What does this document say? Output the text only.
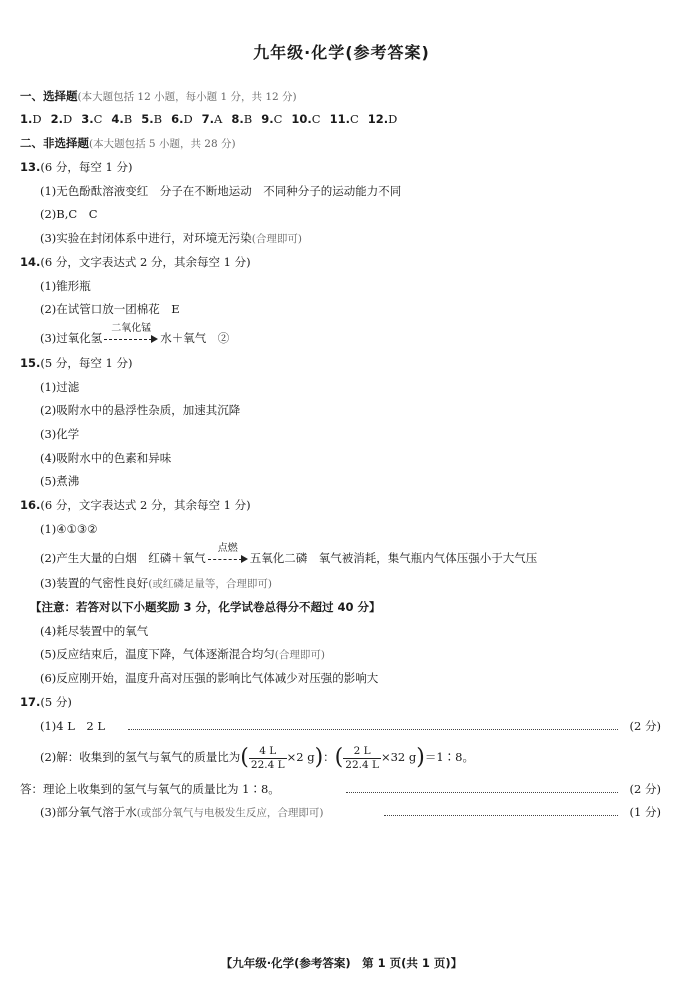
九年级·化学(参考答案)
一、选择题(本大题包括 12 小题，每小题 1 分，共 12 分)
1.D 2.D 3.C 4.B 5.B 6.D 7.A 8.B 9.C 10.C 11.C 12.D
二、非选择题(本大题包括 5 小题，共 28 分)
13.(6 分，每空 1 分)
(1)无色酚酞溶液变红　分子在不断地运动　不同种分子的运动能力不同
(2)B,C　C
(3)实验在封闭体系中进行，对环境无污染(合理即可)
14.(6 分，文字表达式 2 分，其余每空 1 分)
(1)锥形瓶
(2)在试管口放一团棉花　E
(3)过氧化氢
二氧化锰
水＋氧气　②
15.(5 分，每空 1 分)
(1)过滤
(2)吸附水中的悬浮性杂质，加速其沉降
(3)化学
(4)吸附水中的色素和异味
(5)煮沸
16.(6 分，文字表达式 2 分，其余每空 1 分)
(1)④①③②
(2)产生大量的白烟　红磷＋氧气
点燃
五氧化二磷　氧气被消耗，集气瓶内气体压强小于大气压
(3)装置的气密性良好(或红磷足量等，合理即可)
【注意：若答对以下小题奖励 3 分，化学试卷总得分不超过 40 分】
(4)耗尽装置中的氧气
(5)反应结束后，温度下降，气体逐渐混合均匀(合理即可)
(6)反应刚开始，温度升高对压强的影响比气体减少对压强的影响大
17.(5 分)
(1)4 L　2 L	(2 分)
(2)解：收集到的氢气与氧气的质量比为( $\frac{4 L}{22.4 L} \times 2$ g)：( $\frac{2 L}{22.4 L} \times 32$ g)＝1∶8。
答：理论上收集到的氢气与氧气的质量比为 1∶8。	(2 分)
(3)部分氧气溶于水(或部分氧气与电极发生反应，合理即可)	(1 分)
【九年级·化学(参考答案)　第 1 页(共 1 页)】
